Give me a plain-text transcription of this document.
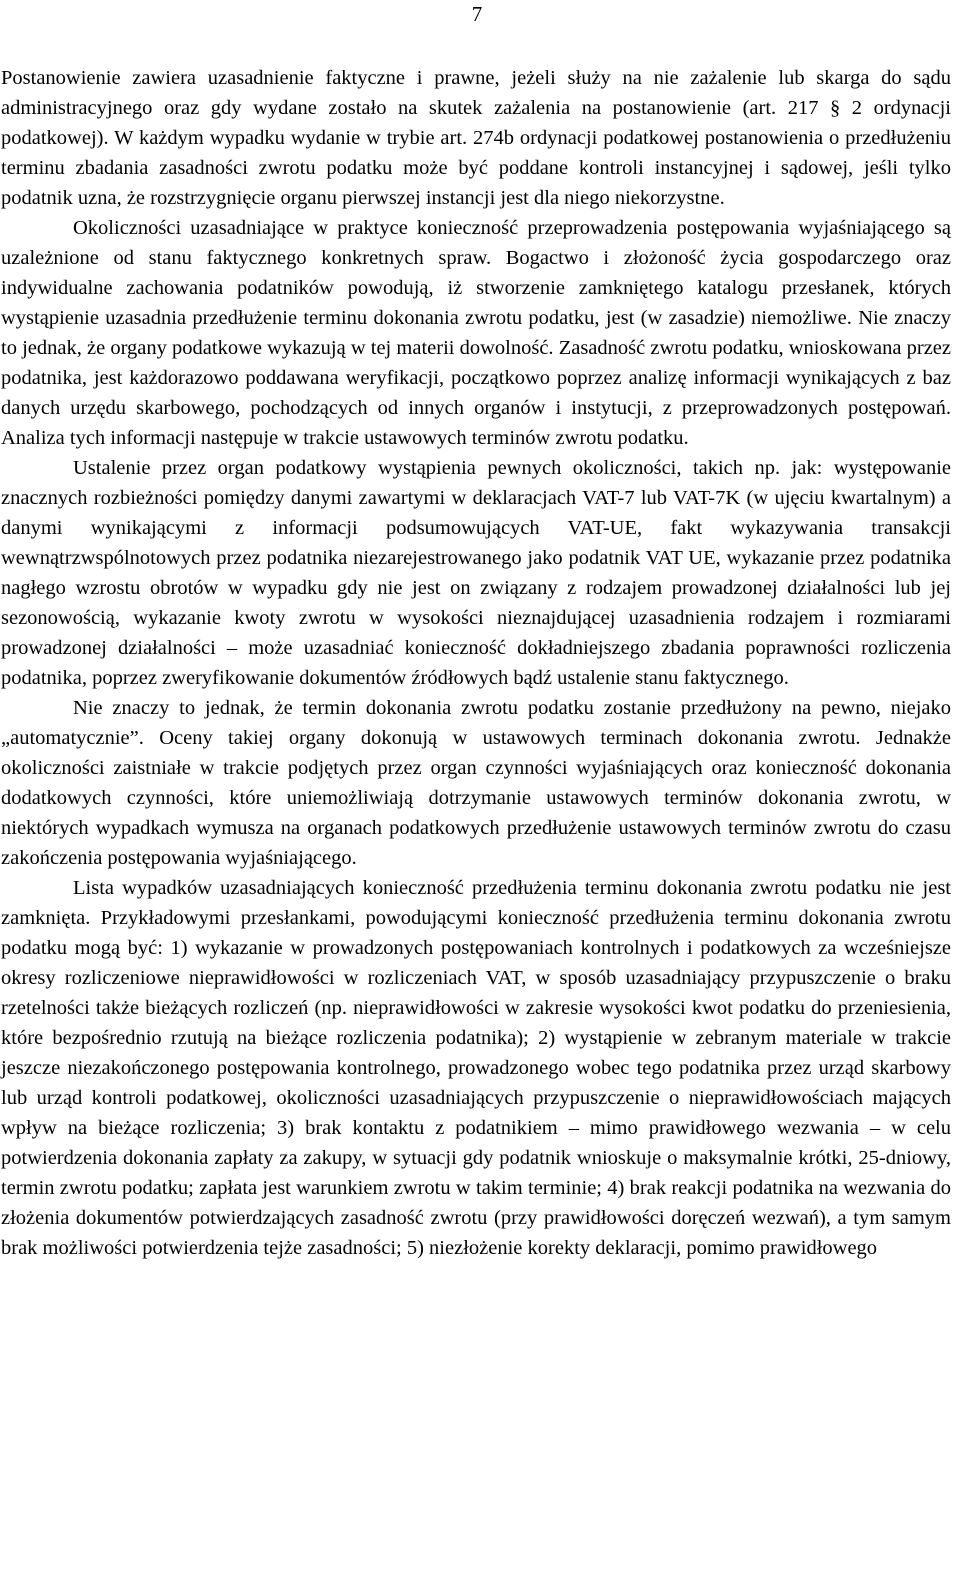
7

Postanowienie zawiera uzasadnienie faktyczne i prawne, jeżeli służy na nie zażalenie lub skarga do sądu administracyjnego oraz gdy wydane zostało na skutek zażalenia na postanowienie (art. 217 § 2 ordynacji podatkowej). W każdym wypadku wydanie w trybie art. 274b ordynacji podatkowej postanowienia o przedłużeniu terminu zbadania zasadności zwrotu podatku może być poddane kontroli instancyjnej i sądowej, jeśli tylko podatnik uzna, że rozstrzygnięcie organu pierwszej instancji jest dla niego niekorzystne.

Okoliczności uzasadniające w praktyce konieczność przeprowadzenia postępowania wyjaśniającego są uzależnione od stanu faktycznego konkretnych spraw. Bogactwo i złożoność życia gospodarczego oraz indywidualne zachowania podatników powodują, iż stworzenie zamkniętego katalogu przesłanek, których wystąpienie uzasadnia przedłużenie terminu dokonania zwrotu podatku, jest (w zasadzie) niemożliwe. Nie znaczy to jednak, że organy podatkowe wykazują w tej materii dowolność. Zasadność zwrotu podatku, wnioskowana przez podatnika, jest każdorazowo poddawana weryfikacji, początkowo poprzez analizę informacji wynikających z baz danych urzędu skarbowego, pochodzących od innych organów i instytucji, z przeprowadzonych postępowań. Analiza tych informacji następuje w trakcie ustawowych terminów zwrotu podatku.

Ustalenie przez organ podatkowy wystąpienia pewnych okoliczności, takich np. jak: występowanie znacznych rozbieżności pomiędzy danymi zawartymi w deklaracjach VAT-7 lub VAT-7K (w ujęciu kwartalnym) a danymi wynikającymi z informacji podsumowujących VAT-UE, fakt wykazywania transakcji wewnątrzwspólnotowych przez podatnika niezarejestrowanego jako podatnik VAT UE, wykazanie przez podatnika nagłego wzrostu obrotów w wypadku gdy nie jest on związany z rodzajem prowadzonej działalności lub jej sezonowością, wykazanie kwoty zwrotu w wysokości nieznajdującej uzasadnienia rodzajem i rozmiarami prowadzonej działalności – może uzasadniać konieczność dokładniejszego zbadania poprawności rozliczenia podatnika, poprzez zweryfikowanie dokumentów źródłowych bądź ustalenie stanu faktycznego.

Nie znaczy to jednak, że termin dokonania zwrotu podatku zostanie przedłużony na pewno, niejako „automatycznie”. Oceny takiej organy dokonują w ustawowych terminach dokonania zwrotu. Jednakże okoliczności zaistniałe w trakcie podjętych przez organ czynności wyjaśniających oraz konieczność dokonania dodatkowych czynności, które uniemożliwiają dotrzymanie ustawowych terminów dokonania zwrotu, w niektórych wypadkach wymusza na organach podatkowych przedłużenie ustawowych terminów zwrotu do czasu zakończenia postępowania wyjaśniającego.

Lista wypadków uzasadniających konieczność przedłużenia terminu dokonania zwrotu podatku nie jest zamknięta. Przykładowymi przesłankami, powodującymi konieczność przedłużenia terminu dokonania zwrotu podatku mogą być: 1) wykazanie w prowadzonych postępowaniach kontrolnych i podatkowych za wcześniejsze okresy rozliczeniowe nieprawidłowości w rozliczeniach VAT, w sposób uzasadniający przypuszczenie o braku rzetelności także bieżących rozliczeń (np. nieprawidłowości w zakresie wysokości kwot podatku do przeniesienia, które bezpośrednio rzutują na bieżące rozliczenia podatnika); 2) wystąpienie w zebranym materiale w trakcie jeszcze niezakończonego postępowania kontrolnego, prowadzonego wobec tego podatnika przez urząd skarbowy lub urząd kontroli podatkowej, okoliczności uzasadniających przypuszczenie o nieprawidłowościach mających wpływ na bieżące rozliczenia; 3) brak kontaktu z podatnikiem – mimo prawidłowego wezwania – w celu potwierdzenia dokonania zapłaty za zakupy, w sytuacji gdy podatnik wnioskuje o maksymalnie krótki, 25-dniowy, termin zwrotu podatku; zapłata jest warunkiem zwrotu w takim terminie; 4) brak reakcji podatnika na wezwania do złożenia dokumentów potwierdzających zasadność zwrotu (przy prawidłowości doręczeń wezwań), a tym samym brak możliwości potwierdzenia tejże zasadności; 5) niezłożenie korekty deklaracji, pomimo prawidłowego
